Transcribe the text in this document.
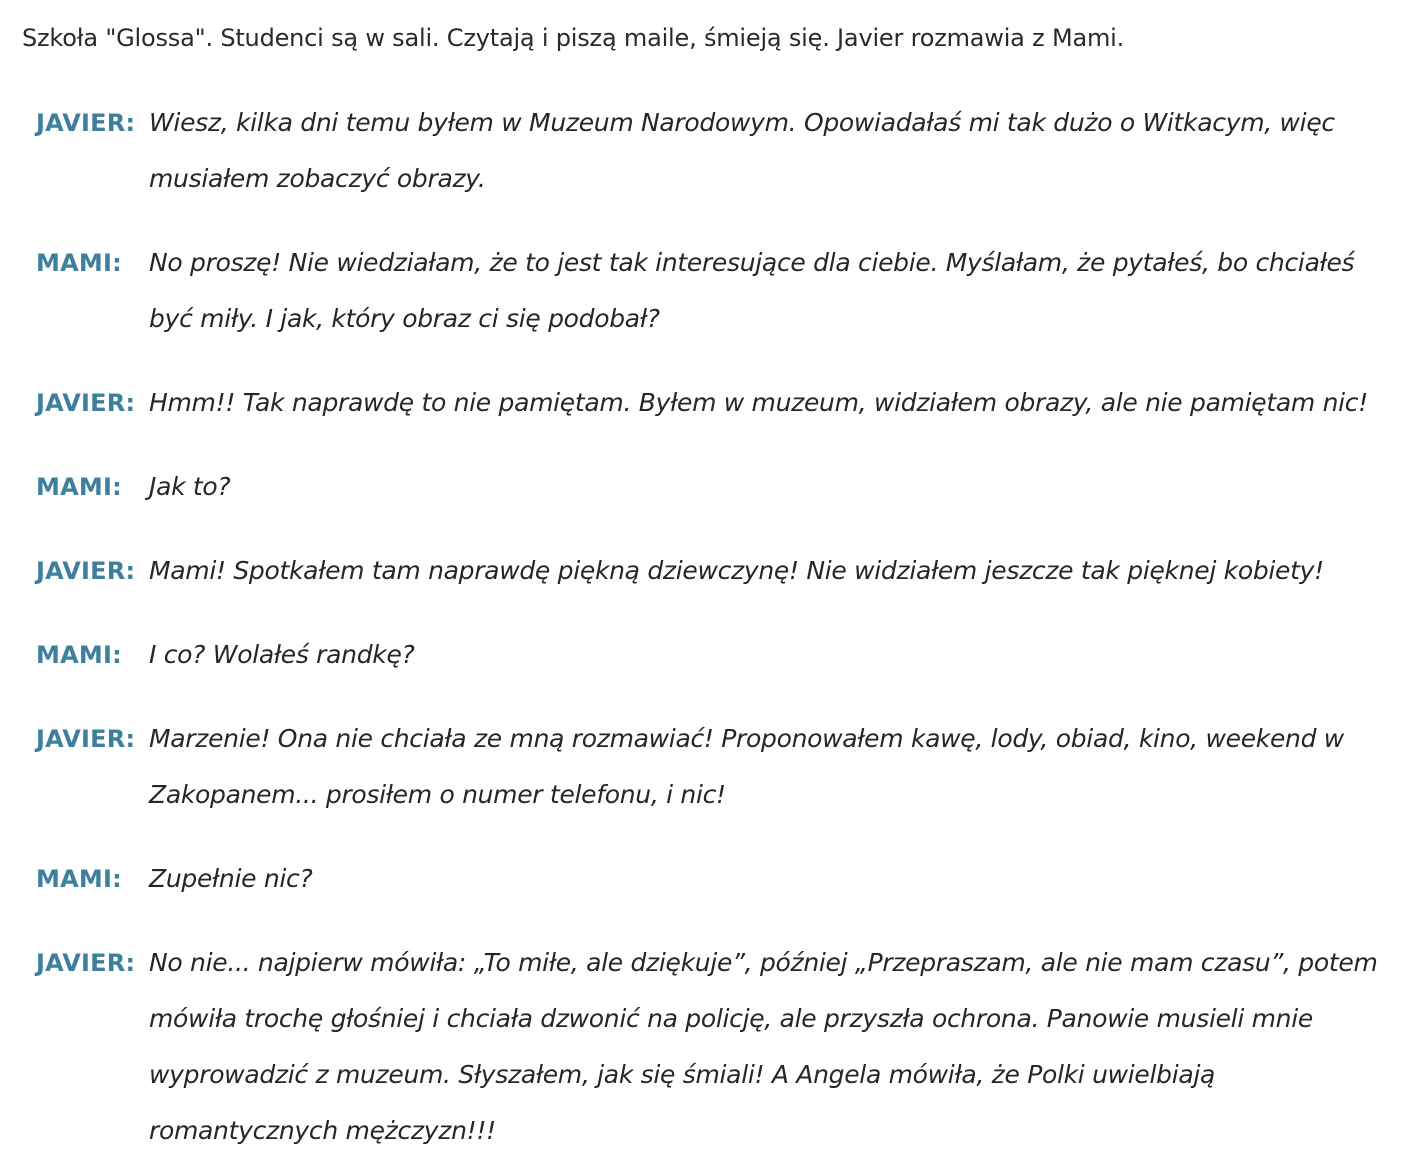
Szkoła "Glossa". Studenci są w sali. Czytają i piszą maile, śmieją się. Javier rozmawia z Mami.

JAVIER: Wiesz, kilka dni temu byłem w Muzeum Narodowym. Opowiadałaś mi tak dużo o Witkacym, więc musiałem zobaczyć obrazy.

MAMI:	No proszę! Nie wiedziałam, że to jest tak interesujące dla ciebie. Myślałam, że pytałeś, bo chciałeś być miły. I jak, który obraz ci się podobał?

JAVIER: Hmm!! Tak naprawdę to nie pamiętam. Byłem w muzeum, widziałem obrazy, ale nie pamiętam nic!

MAMI:	Jak to?

JAVIER: Mami! Spotkałem tam naprawdę piękną dziewczynę! Nie widziałem jeszcze tak pięknej kobiety!

MAMI:	I co? Wolałeś randkę?

JAVIER: Marzenie! Ona nie chciała ze mną rozmawiać! Proponowałem kawę, lody, obiad, kino, weekend w Zakopanem... prosiłem o numer telefonu, i nic!

MAMI:	Zupełnie nic?

JAVIER: No nie... najpierw mówiła: „To miłe, ale dziękuje”, później „Przepraszam, ale nie mam czasu”, potem mówiła trochę głośniej i chciała dzwonić na policję, ale przyszła ochrona. Panowie musieli mnie wyprowadzić z muzeum. Słyszałem, jak się śmiali! A Angela mówiła, że Polki uwielbiają romantycznych mężczyzn!!!
